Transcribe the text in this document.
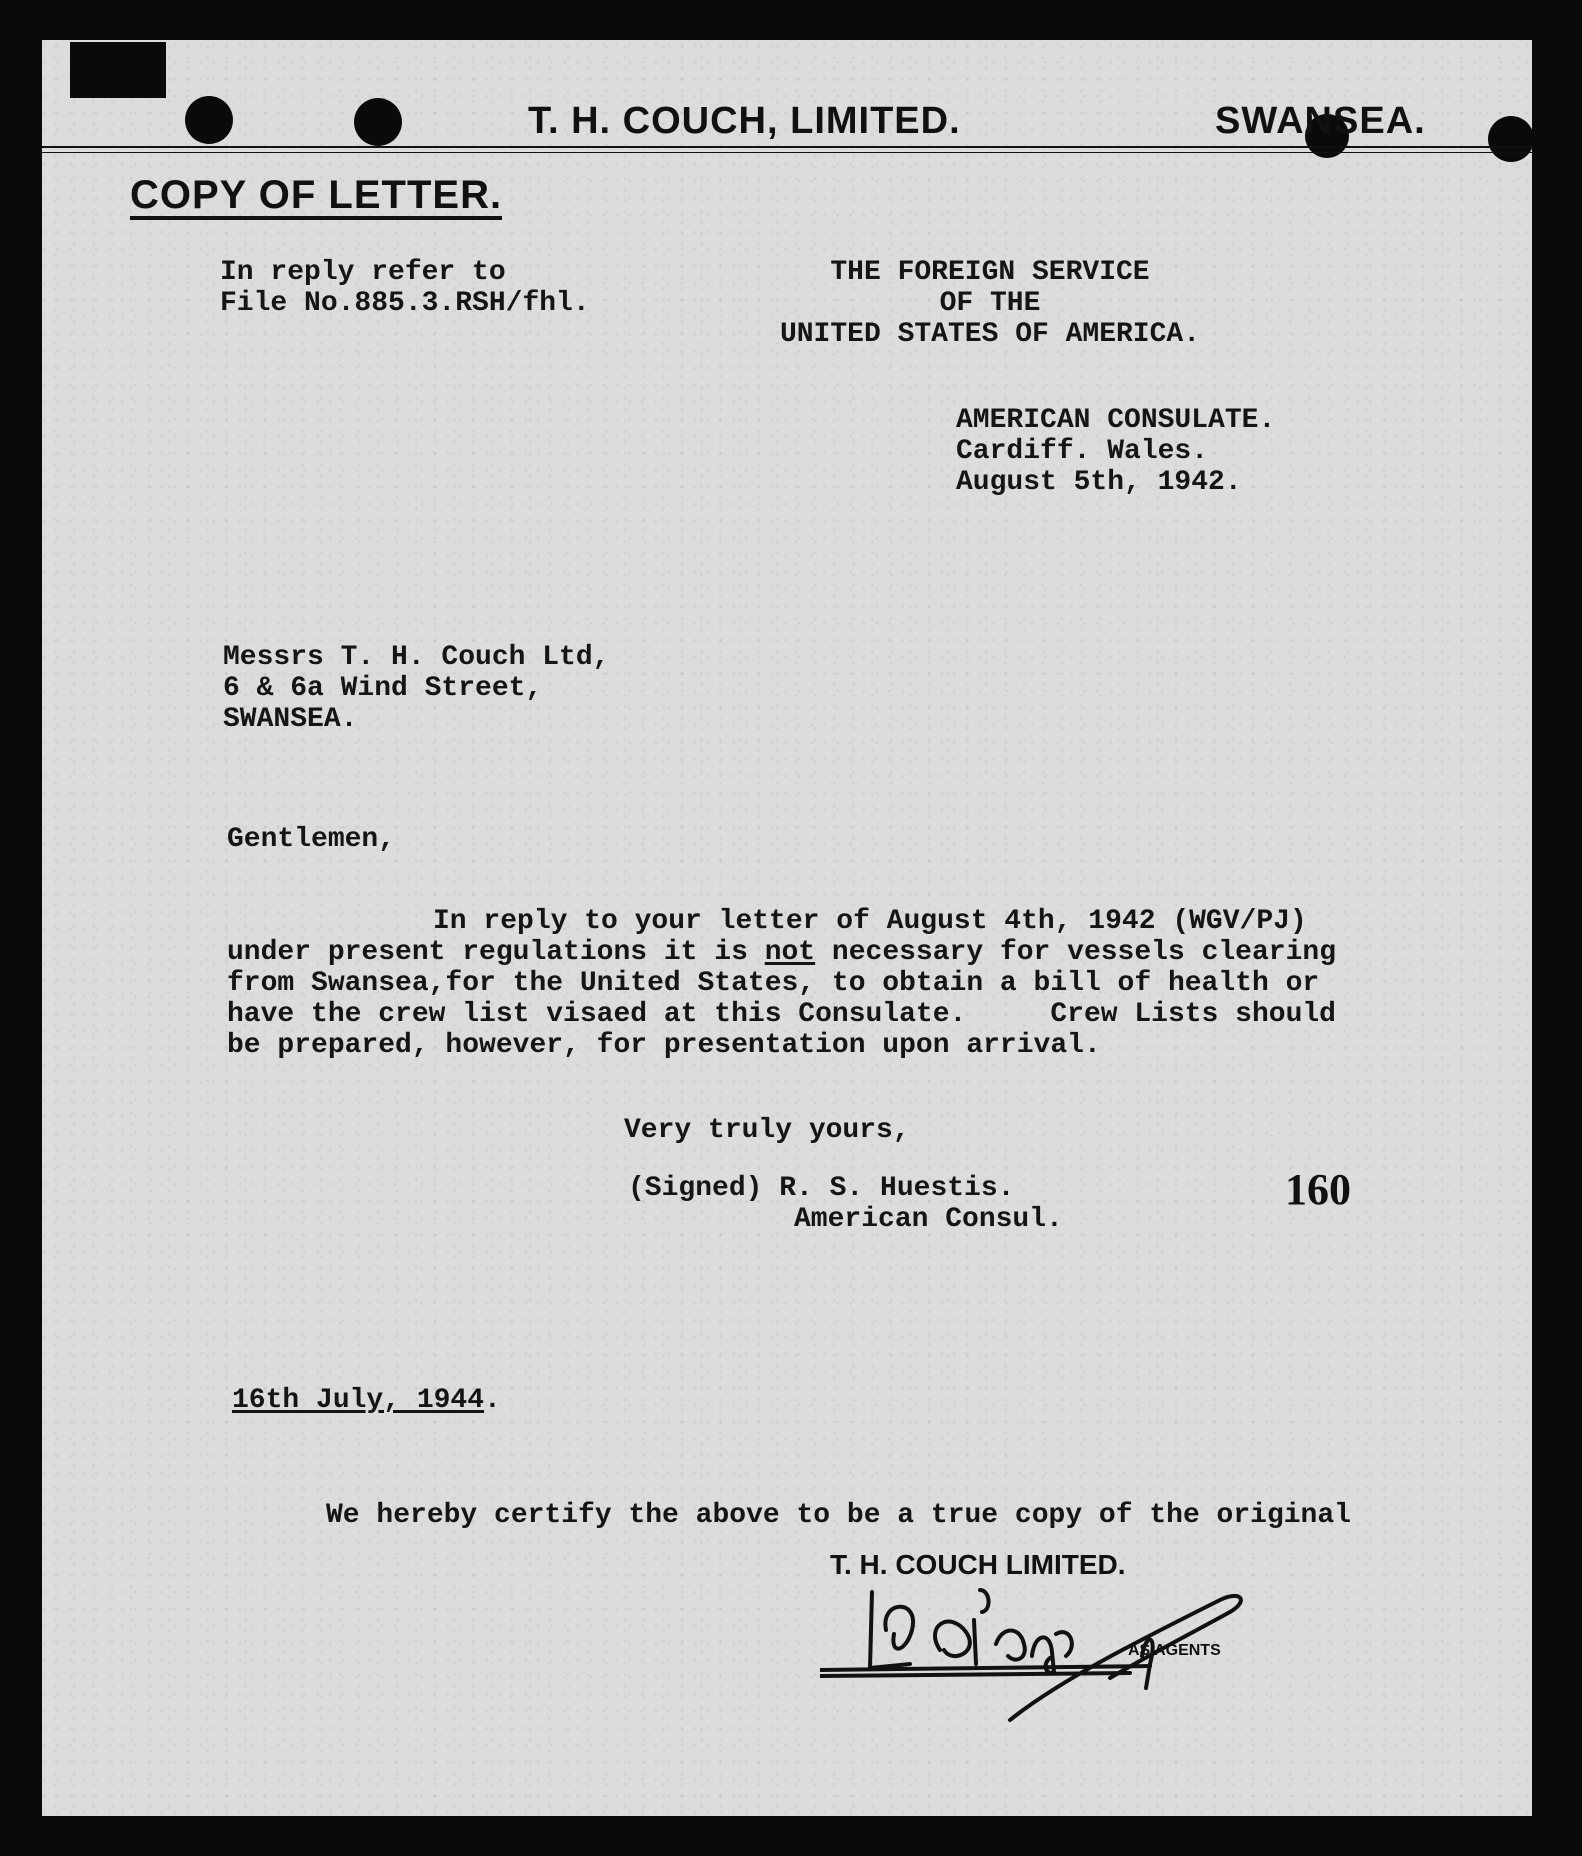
T. H. COUCH, LIMITED.	SWANSEA.
COPY OF LETTER.
In reply refer to
File No.885.3.RSH/fhl.
THE FOREIGN SERVICE
OF THE
UNITED STATES OF AMERICA.
AMERICAN CONSULATE.
Cardiff. Wales.
August 5th, 1942.
Messrs T. H. Couch Ltd,
6 & 6a Wind Street,
SWANSEA.
Gentlemen,
In reply to your letter of August 4th, 1942 (WGV/PJ)
under present regulations it is not necessary for vessels clearing
from Swansea,for the United States, to obtain a bill of health or
have the crew list visaed at this Consulate.     Crew Lists should
be prepared, however, for presentation upon arrival.
Very truly yours,
(Signed) R. S. Huestis.
American Consul.
160
16th July, 1944.
We hereby certify the above to be a true copy of the original
T. H. COUCH LIMITED.
AS AGENTS
